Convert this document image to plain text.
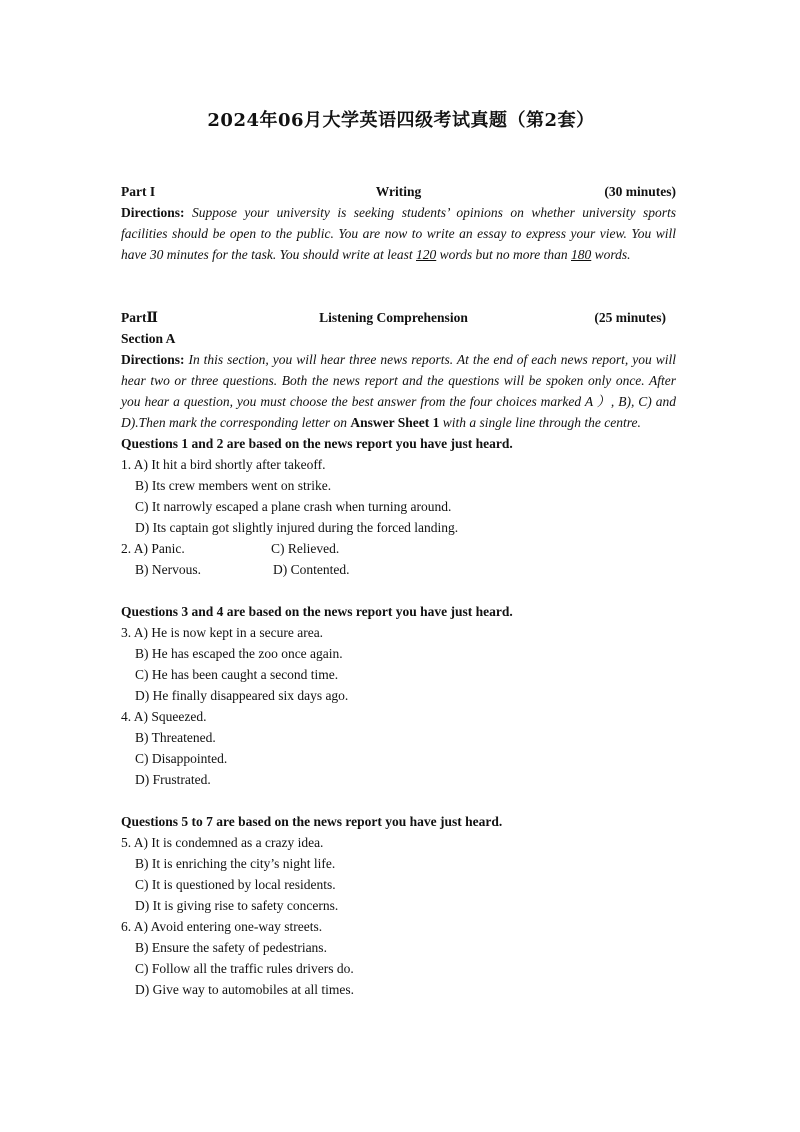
2024年06月大学英语四级考试真题（第2套）
Part I	Writing	(30 minutes)
Directions: Suppose your university is seeking students’ opinions on whether university sports facilities should be open to the public. You are now to write an essay to express your view. You will have 30 minutes for the task. You should write at least 120 words but no more than 180 words.
PartⅡ	Listening Comprehension	(25 minutes)
Section A
Directions: In this section, you will hear three news reports. At the end of each news report, you will hear two or three questions. Both the news report and the questions will be spoken only once. After you hear a question, you must choose the best answer from the four choices marked A ）, B), C) and D).Then mark the corresponding letter on Answer Sheet 1 with a single line through the centre.
Questions 1 and 2 are based on the news report you have just heard.
1. A) It hit a bird shortly after takeoff.
B) Its crew members went on strike.
C) It narrowly escaped a plane crash when turning around.
D) Its captain got slightly injured during the forced landing.
2. A) Panic.	C) Relieved.
B) Nervous.	D) Contented.
Questions 3 and 4 are based on the news report you have just heard.
3. A) He is now kept in a secure area.
B) He has escaped the zoo once again.
C) He has been caught a second time.
D) He finally disappeared six days ago.
4. A) Squeezed.
B) Threatened.
C) Disappointed.
D) Frustrated.
Questions 5 to 7 are based on the news report you have just heard.
5. A) It is condemned as a crazy idea.
B) It is enriching the city’s night life.
C) It is questioned by local residents.
D) It is giving rise to safety concerns.
6. A) Avoid entering one-way streets.
B) Ensure the safety of pedestrians.
C) Follow all the traffic rules drivers do.
D) Give way to automobiles at all times.
